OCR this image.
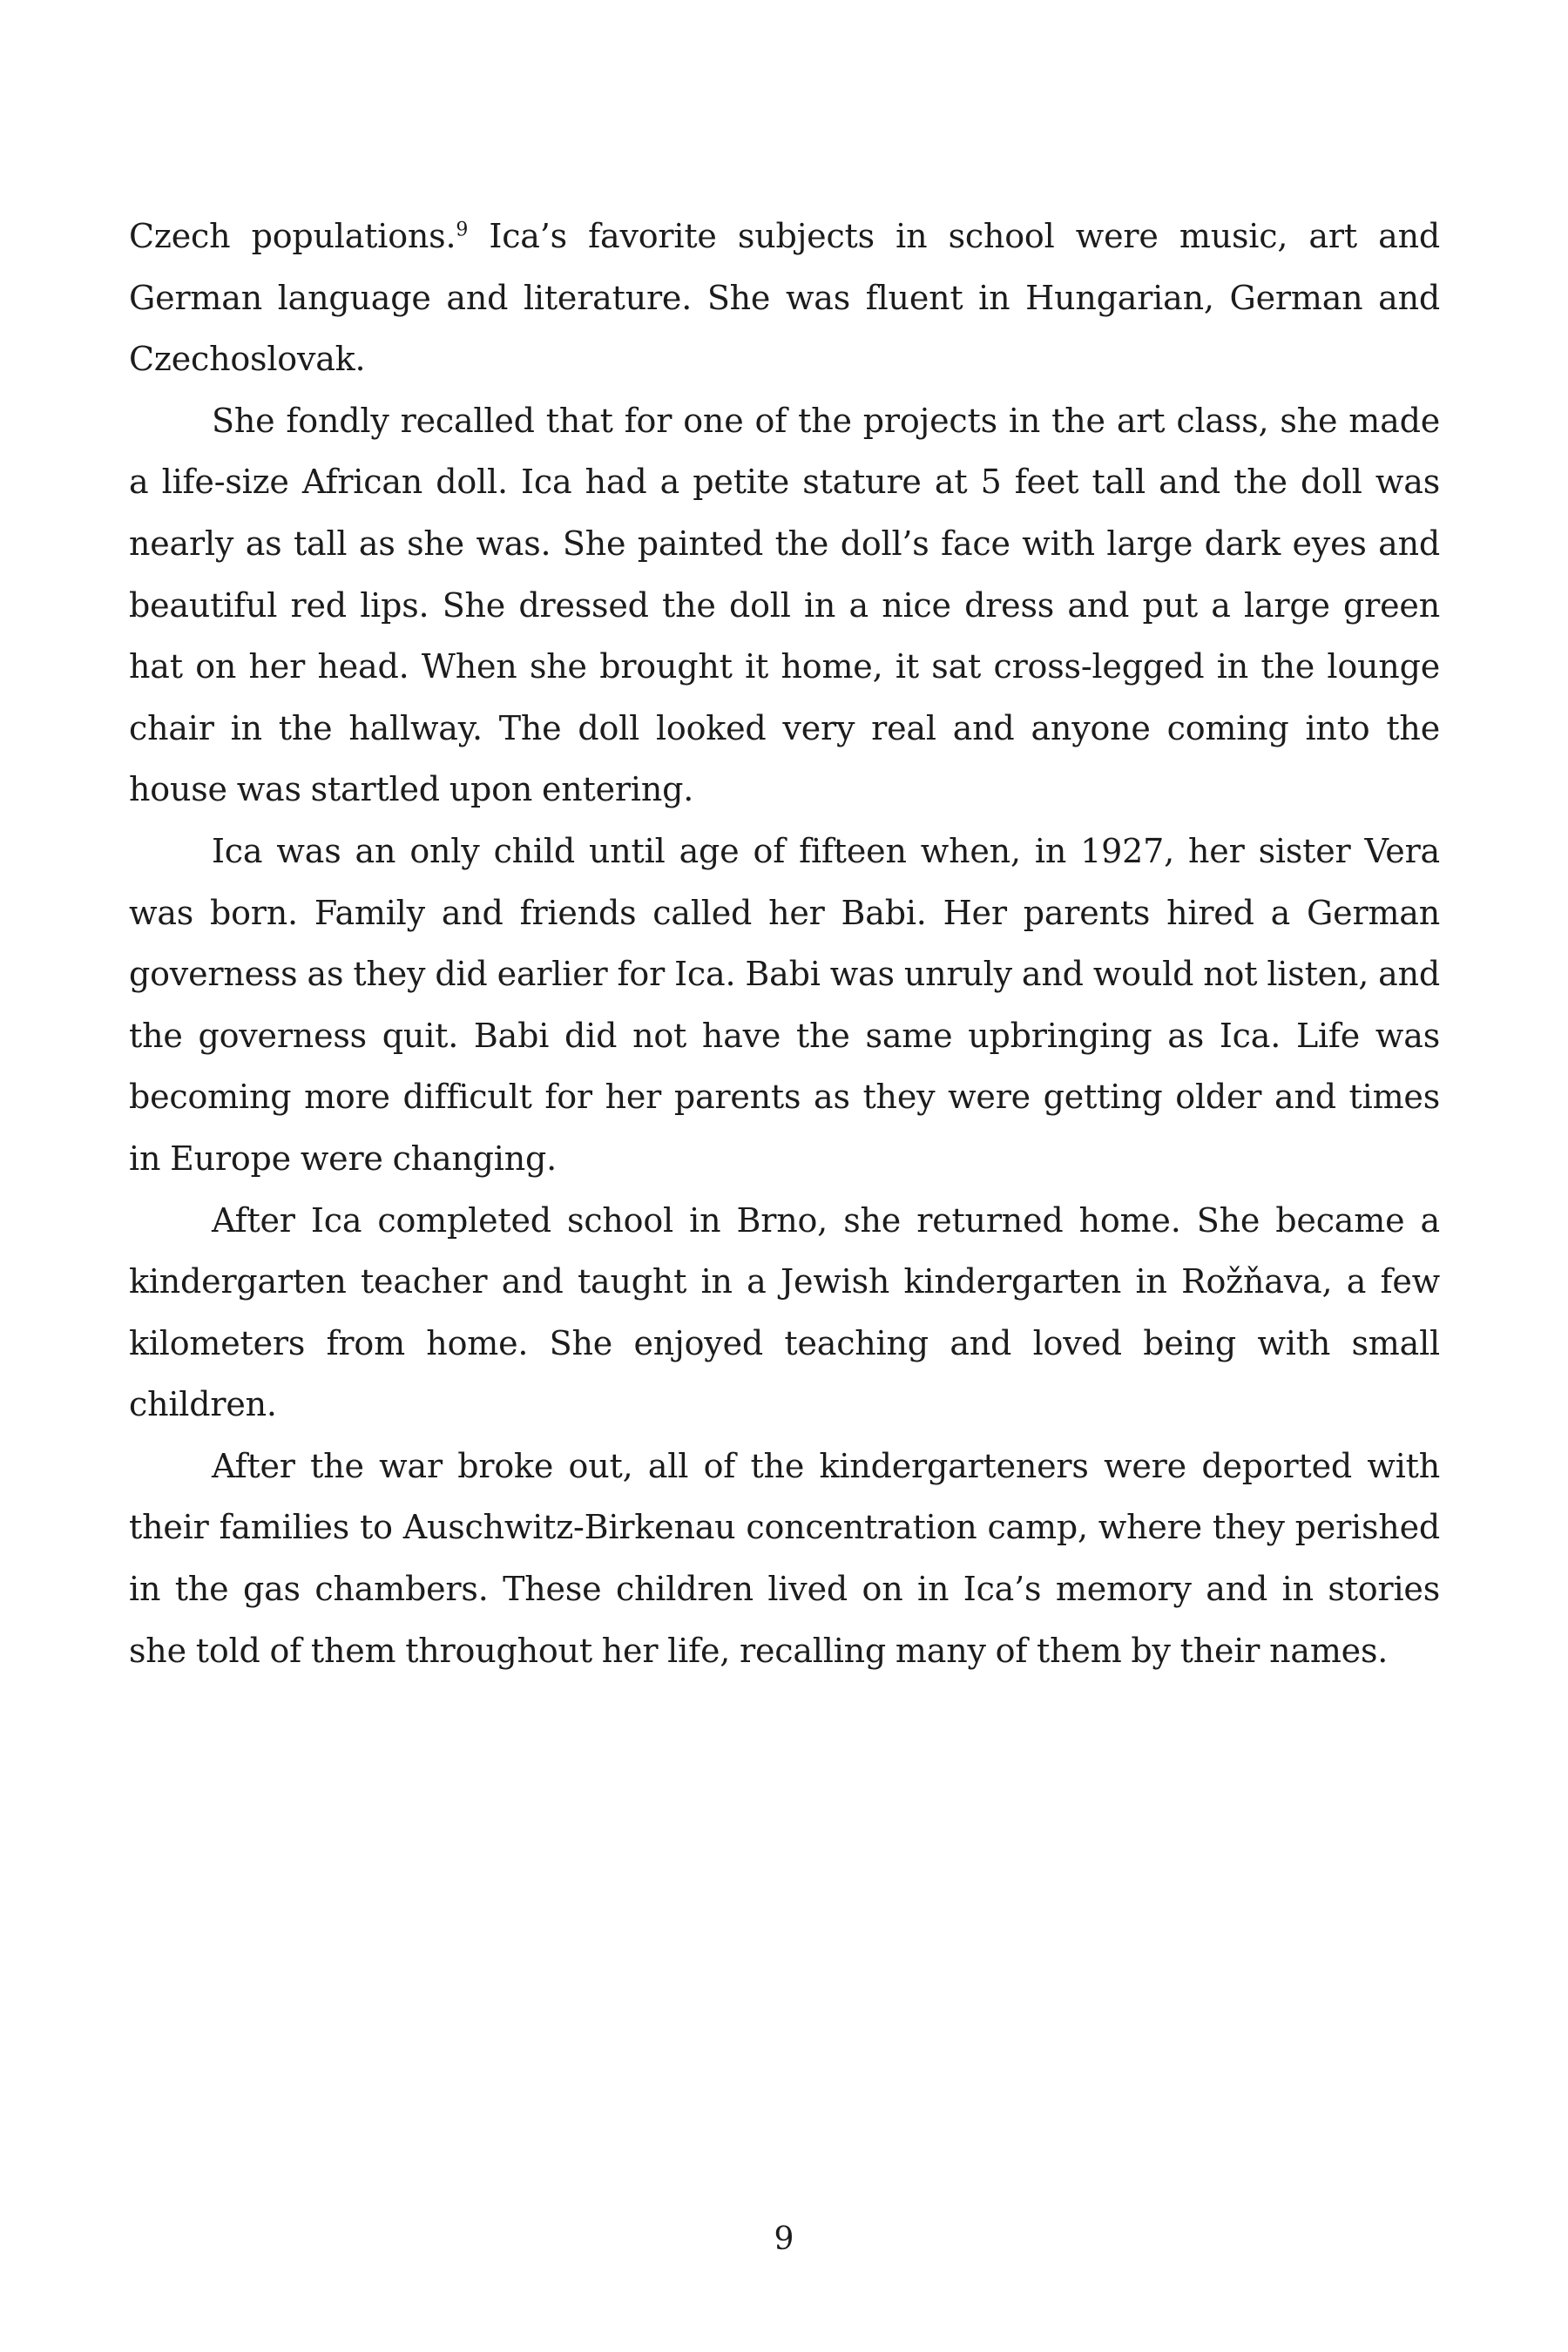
Czech populations.$^9$ Ica’s favorite subjects in school were music, art and German language and literature. She was fluent in Hungarian, German and Czechoslovak.

She fondly recalled that for one of the projects in the art class, she made a life-size African doll. Ica had a petite stature at 5 feet tall and the doll was nearly as tall as she was. She painted the doll’s face with large dark eyes and beautiful red lips. She dressed the doll in a nice dress and put a large green hat on her head. When she brought it home, it sat cross-legged in the lounge chair in the hallway. The doll looked very real and anyone coming into the house was startled upon entering.

Ica was an only child until age of fifteen when, in 1927, her sister Vera was born. Family and friends called her Babi. Her parents hired a German governess as they did earlier for Ica. Babi was unruly and would not listen, and the governess quit. Babi did not have the same upbringing as Ica. Life was becoming more difficult for her parents as they were getting older and times in Europe were changing.

After Ica completed school in Brno, she returned home. She became a kindergarten teacher and taught in a Jewish kindergarten in Rožňava, a few kilometers from home. She enjoyed teaching and loved being with small children.

After the war broke out, all of the kindergarteners were deported with their families to Auschwitz-Birkenau concentration camp, where they perished in the gas chambers. These children lived on in Ica’s memory and in stories she told of them throughout her life, recalling many of them by their names.

9
